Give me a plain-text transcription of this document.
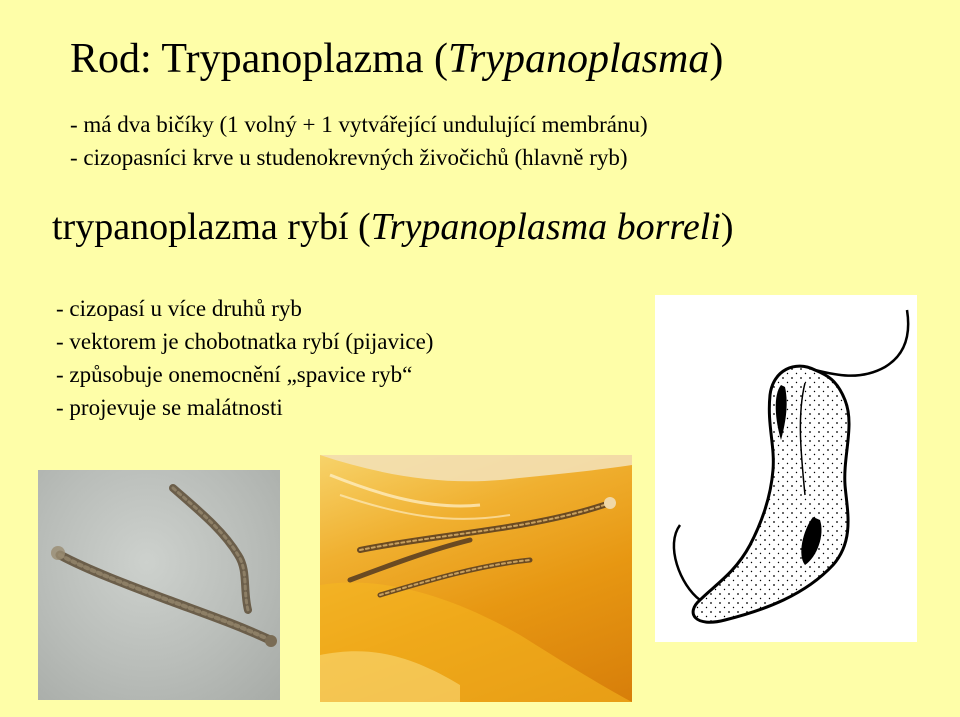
Rod: Trypanoplazma (Trypanoplasma)
- má dva bičíky (1 volný + 1 vytvářející undulující membránu)
- cizopasníci krve u studenokrevných živočichů (hlavně ryb)
trypanoplazma rybí (Trypanoplasma borreli)
- cizopasí u více druhů ryb
- vektorem je chobotnatka rybí (pijavice)
- způsobuje onemocnění „spavice ryb“
- projevuje se malátnosti
